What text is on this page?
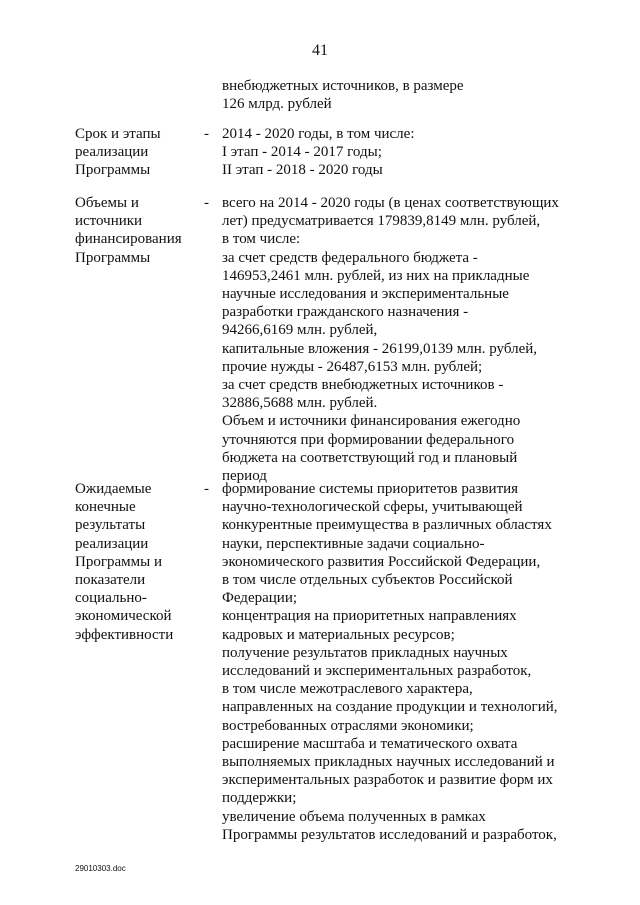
41
внебюджетных источников, в размере
126 млрд. рублей
Срок и этапы
реализации
Программы
- 2014 - 2020 годы, в том числе:
I этап - 2014 - 2017 годы;
II этап - 2018 - 2020 годы
Объемы и
источники
финансирования
Программы
- всего на 2014 - 2020 годы (в ценах соответствующих
лет) предусматривается 179839,8149 млн. рублей,
в том числе:
за счет средств федерального бюджета -
146953,2461 млн. рублей, из них на прикладные
научные исследования и экспериментальные
разработки гражданского назначения -
94266,6169 млн. рублей,
капитальные вложения - 26199,0139 млн. рублей,
прочие нужды - 26487,6153 млн. рублей;
за счет средств внебюджетных источников -
32886,5688 млн. рублей.
Объем и источники финансирования ежегодно
уточняются при формировании федерального
бюджета на соответствующий год и плановый
период
Ожидаемые
конечные
результаты
реализации
Программы и
показатели
социально-
экономической
эффективности
- формирование системы приоритетов развития
научно-технологической сферы, учитывающей
конкурентные преимущества в различных областях
науки, перспективные задачи социально-
экономического развития Российской Федерации,
в том числе отдельных субъектов Российской
Федерации;
концентрация на приоритетных направлениях
кадровых и материальных ресурсов;
получение результатов прикладных научных
исследований и экспериментальных разработок,
в том числе межотраслевого характера,
направленных на создание продукции и технологий,
востребованных отраслями экономики;
расширение масштаба и тематического охвата
выполняемых прикладных научных исследований и
экспериментальных разработок и развитие форм их
поддержки;
увеличение объема полученных в рамках
Программы результатов исследований и разработок,
29010303.doc
